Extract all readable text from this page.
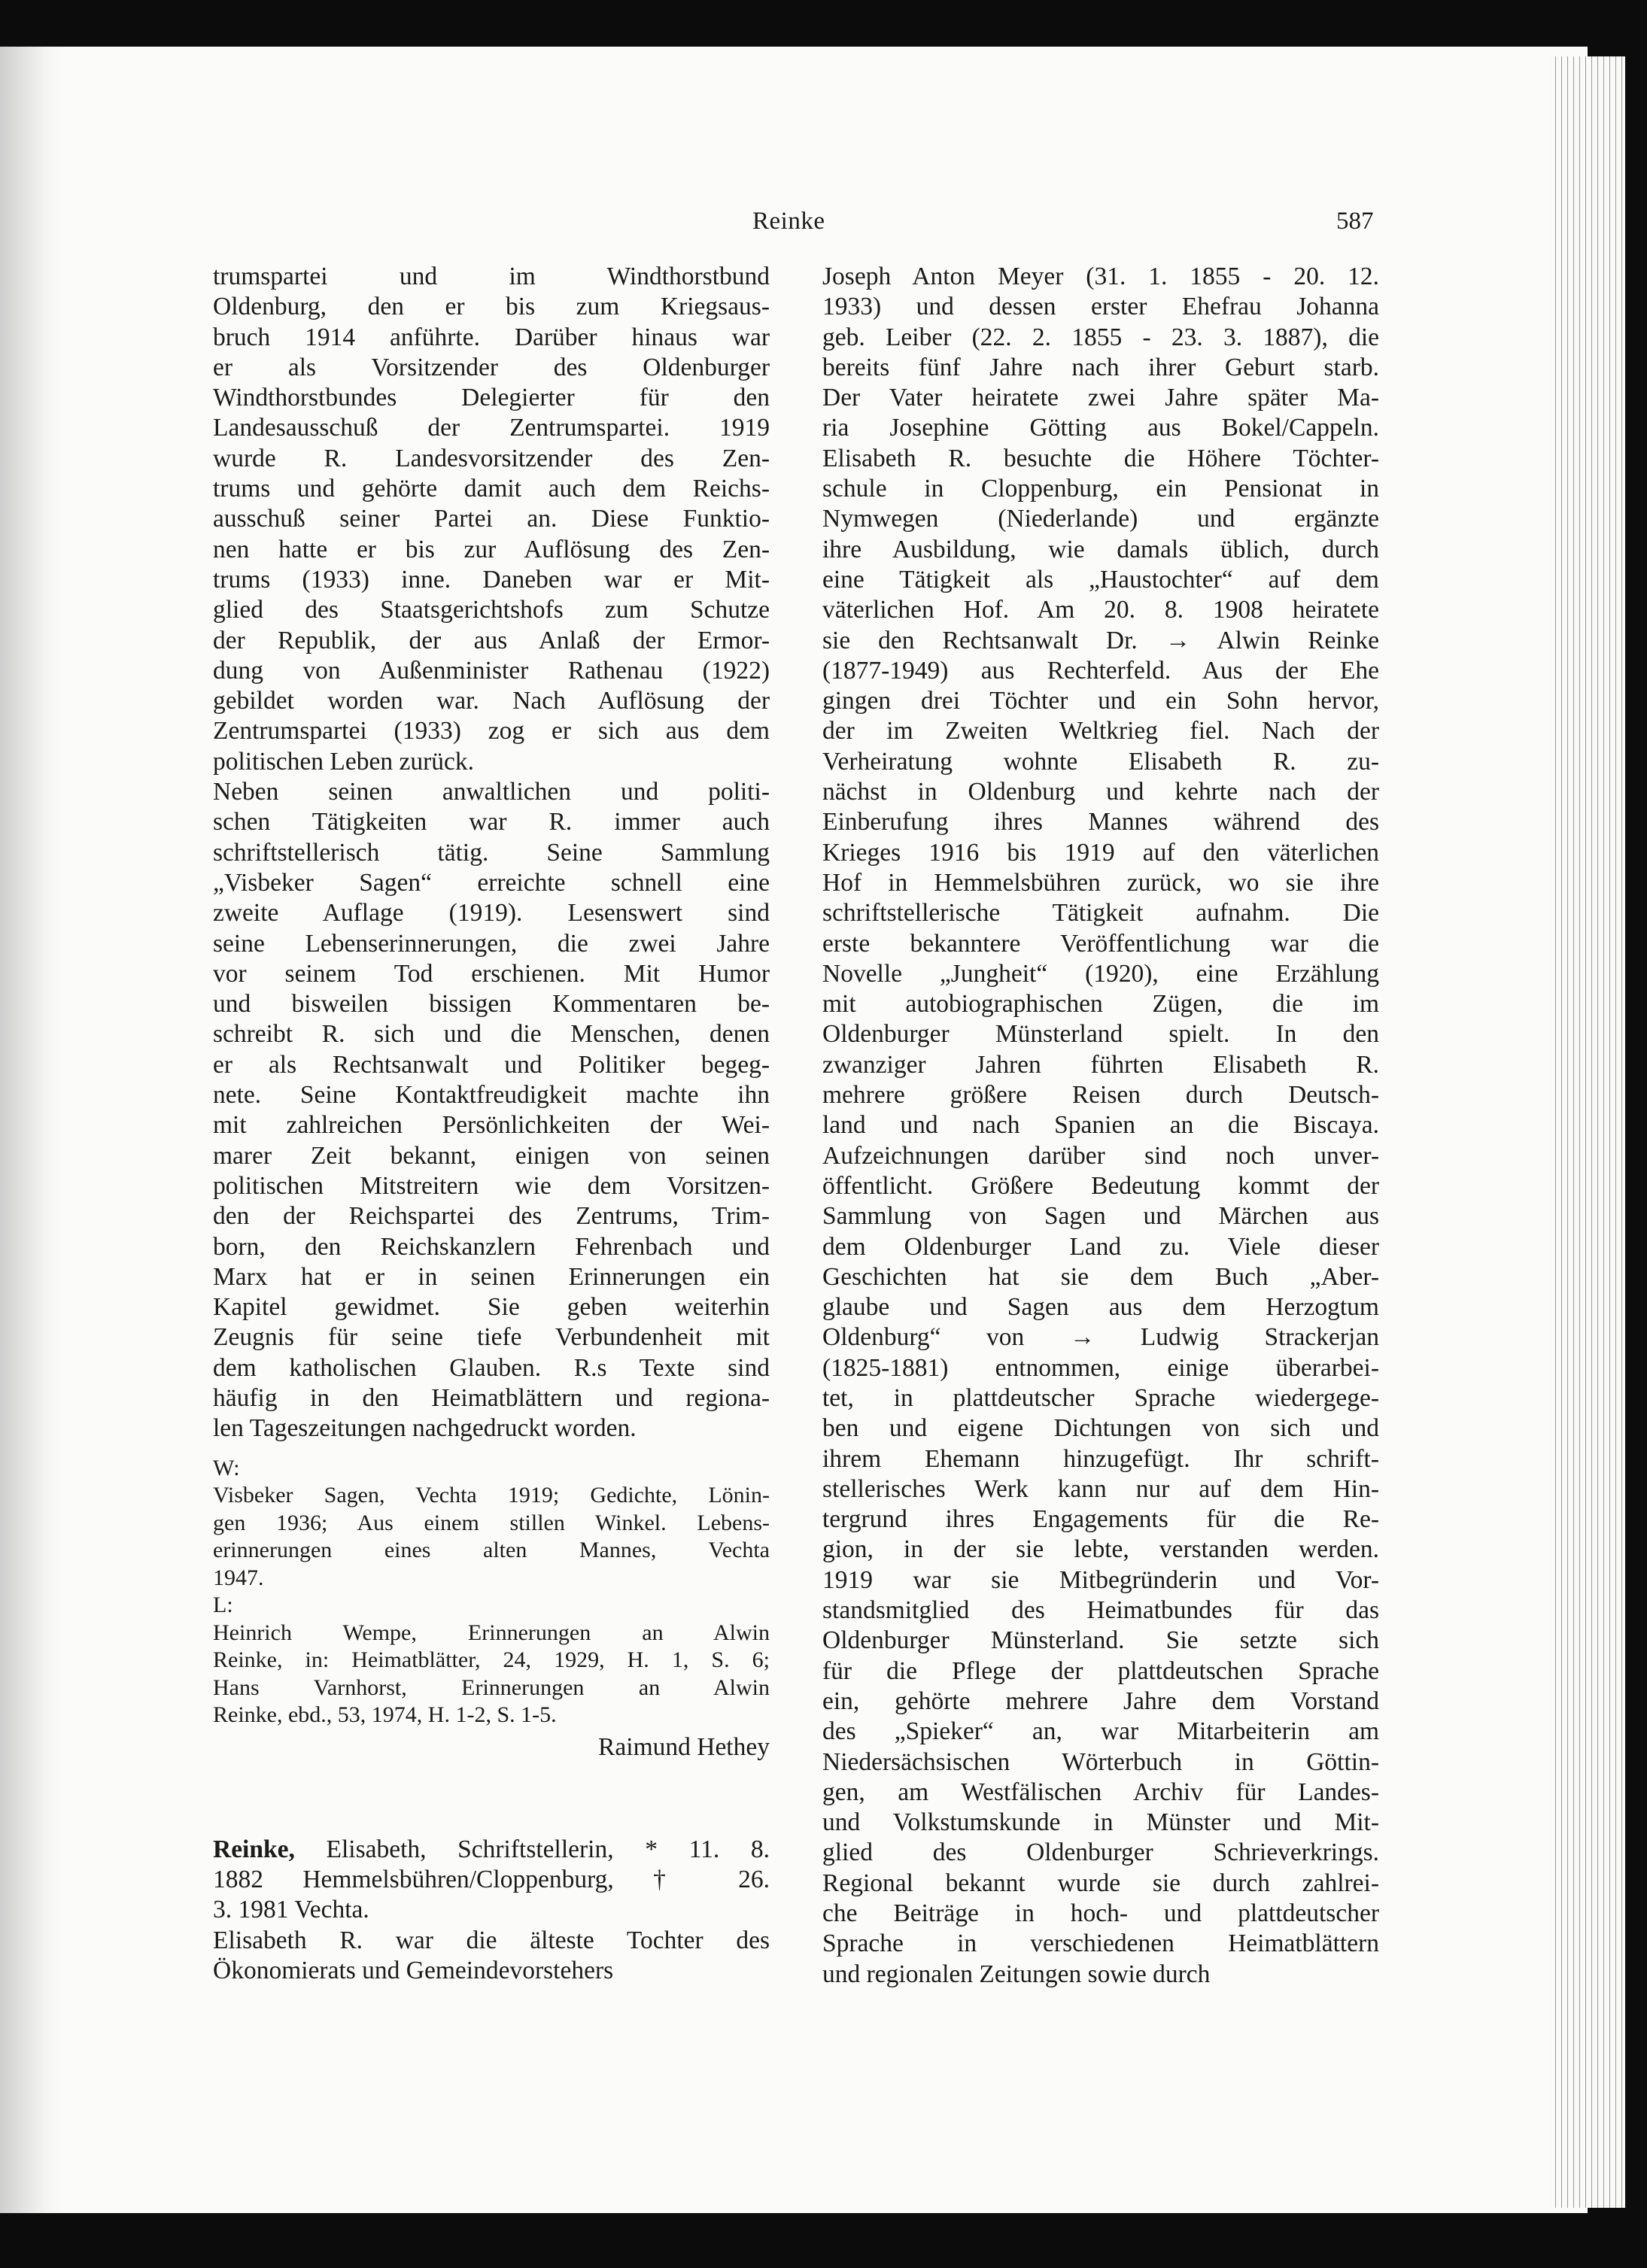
Reinke	587
trumspartei und im Windthorstbund
Oldenburg, den er bis zum Kriegsaus-
bruch 1914 anführte. Darüber hinaus war
er als Vorsitzender des Oldenburger
Windthorstbundes Delegierter für den
Landesausschuß der Zentrumspartei. 1919
wurde R. Landesvorsitzender des Zen-
trums und gehörte damit auch dem Reichs-
ausschuß seiner Partei an. Diese Funktio-
nen hatte er bis zur Auflösung des Zen-
trums (1933) inne. Daneben war er Mit-
glied des Staatsgerichtshofs zum Schutze
der Republik, der aus Anlaß der Ermor-
dung von Außenminister Rathenau (1922)
gebildet worden war. Nach Auflösung der
Zentrumspartei (1933) zog er sich aus dem
politischen Leben zurück.
Neben seinen anwaltlichen und politi-
schen Tätigkeiten war R. immer auch
schriftstellerisch tätig. Seine Sammlung
„Visbeker Sagen“ erreichte schnell eine
zweite Auflage (1919). Lesenswert sind
seine Lebenserinnerungen, die zwei Jahre
vor seinem Tod erschienen. Mit Humor
und bisweilen bissigen Kommentaren be-
schreibt R. sich und die Menschen, denen
er als Rechtsanwalt und Politiker begeg-
nete. Seine Kontaktfreudigkeit machte ihn
mit zahlreichen Persönlichkeiten der Wei-
marer Zeit bekannt, einigen von seinen
politischen Mitstreitern wie dem Vorsitzen-
den der Reichspartei des Zentrums, Trim-
born, den Reichskanzlern Fehrenbach und
Marx hat er in seinen Erinnerungen ein
Kapitel gewidmet. Sie geben weiterhin
Zeugnis für seine tiefe Verbundenheit mit
dem katholischen Glauben. R.s Texte sind
häufig in den Heimatblättern und regiona-
len Tageszeitungen nachgedruckt worden.
W:
Visbeker Sagen, Vechta 1919; Gedichte, Lönin-
gen 1936; Aus einem stillen Winkel. Lebens-
erinnerungen eines alten Mannes, Vechta
1947.
L:
Heinrich Wempe, Erinnerungen an Alwin
Reinke, in: Heimatblätter, 24, 1929, H. 1, S. 6;
Hans Varnhorst, Erinnerungen an Alwin
Reinke, ebd., 53, 1974, H. 1-2, S. 1-5.
Raimund Hethey
Reinke, Elisabeth, Schriftstellerin, * 11. 8.
1882 Hemmelsbühren/Cloppenburg, † 26.
3. 1981 Vechta.
Elisabeth R. war die älteste Tochter des
Ökonomierats und Gemeindevorstehers
Joseph Anton Meyer (31. 1. 1855 - 20. 12.
1933) und dessen erster Ehefrau Johanna
geb. Leiber (22. 2. 1855 - 23. 3. 1887), die
bereits fünf Jahre nach ihrer Geburt starb.
Der Vater heiratete zwei Jahre später Ma-
ria Josephine Götting aus Bokel/Cappeln.
Elisabeth R. besuchte die Höhere Töchter-
schule in Cloppenburg, ein Pensionat in
Nymwegen (Niederlande) und ergänzte
ihre Ausbildung, wie damals üblich, durch
eine Tätigkeit als „Haustochter“ auf dem
väterlichen Hof. Am 20. 8. 1908 heiratete
sie den Rechtsanwalt Dr. → Alwin Reinke
(1877-1949) aus Rechterfeld. Aus der Ehe
gingen drei Töchter und ein Sohn hervor,
der im Zweiten Weltkrieg fiel. Nach der
Verheiratung wohnte Elisabeth R. zu-
nächst in Oldenburg und kehrte nach der
Einberufung ihres Mannes während des
Krieges 1916 bis 1919 auf den väterlichen
Hof in Hemmelsbühren zurück, wo sie ihre
schriftstellerische Tätigkeit aufnahm. Die
erste bekanntere Veröffentlichung war die
Novelle „Jungheit“ (1920), eine Erzählung
mit autobiographischen Zügen, die im
Oldenburger Münsterland spielt. In den
zwanziger Jahren führten Elisabeth R.
mehrere größere Reisen durch Deutsch-
land und nach Spanien an die Biscaya.
Aufzeichnungen darüber sind noch unver-
öffentlicht. Größere Bedeutung kommt der
Sammlung von Sagen und Märchen aus
dem Oldenburger Land zu. Viele dieser
Geschichten hat sie dem Buch „Aber-
glaube und Sagen aus dem Herzogtum
Oldenburg“ von → Ludwig Strackerjan
(1825-1881) entnommen, einige überarbei-
tet, in plattdeutscher Sprache wiedergege-
ben und eigene Dichtungen von sich und
ihrem Ehemann hinzugefügt. Ihr schrift-
stellerisches Werk kann nur auf dem Hin-
tergrund ihres Engagements für die Re-
gion, in der sie lebte, verstanden werden.
1919 war sie Mitbegründerin und Vor-
standsmitglied des Heimatbundes für das
Oldenburger Münsterland. Sie setzte sich
für die Pflege der plattdeutschen Sprache
ein, gehörte mehrere Jahre dem Vorstand
des „Spieker“ an, war Mitarbeiterin am
Niedersächsischen Wörterbuch in Göttin-
gen, am Westfälischen Archiv für Landes-
und Volkstumskunde in Münster und Mit-
glied des Oldenburger Schrieverkrings.
Regional bekannt wurde sie durch zahlrei-
che Beiträge in hoch- und plattdeutscher
Sprache in verschiedenen Heimatblättern
und regionalen Zeitungen sowie durch
